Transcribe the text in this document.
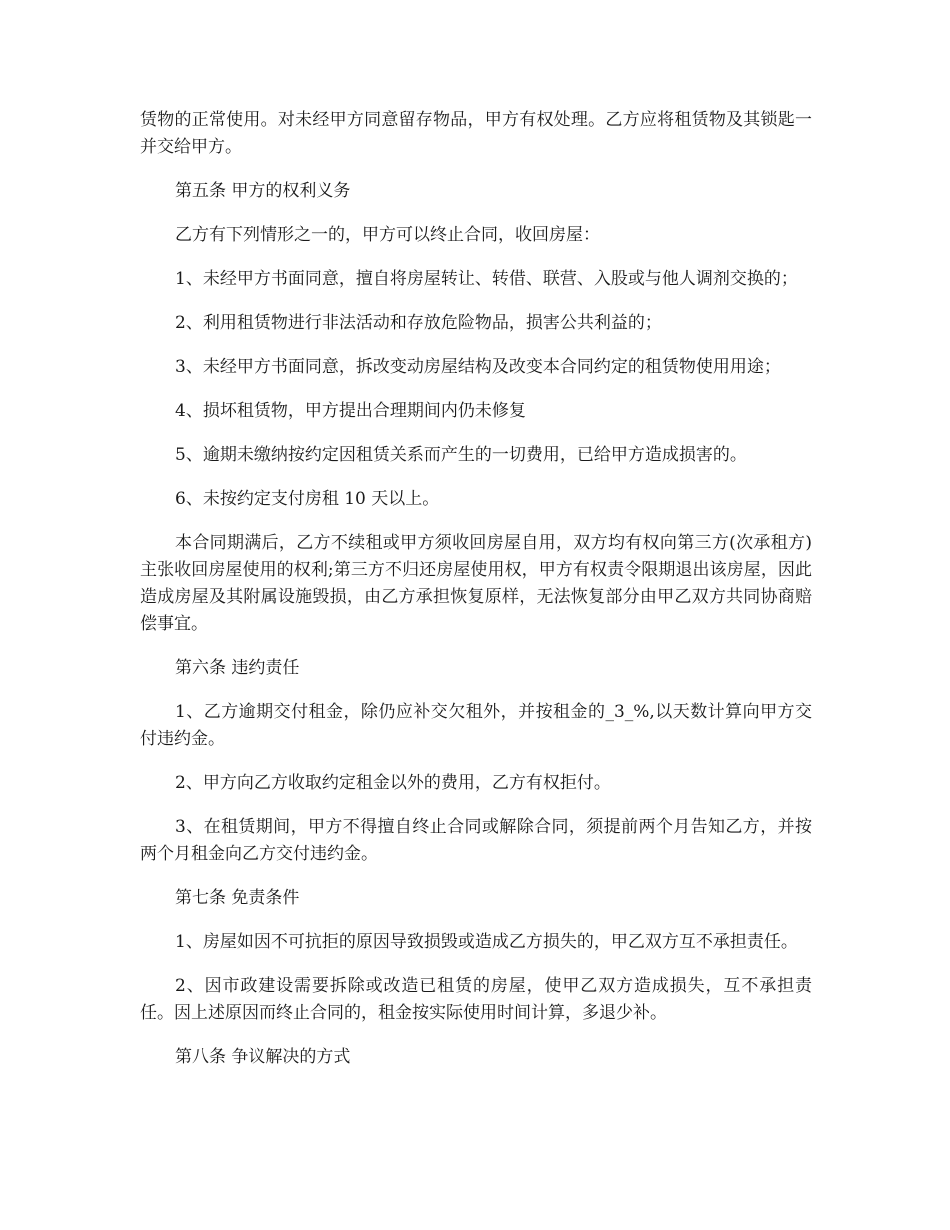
赁物的正常使用。对未经甲方同意留存物品，甲方有权处理。乙方应将租赁物及其锁匙一并交给甲方。

第五条 甲方的权利义务

乙方有下列情形之一的，甲方可以终止合同，收回房屋：

1、未经甲方书面同意，擅自将房屋转让、转借、联营、入股或与他人调剂交换的；

2、利用租赁物进行非法活动和存放危险物品，损害公共利益的；

3、未经甲方书面同意，拆改变动房屋结构及改变本合同约定的租赁物使用用途；

4、损坏租赁物，甲方提出合理期间内仍未修复

5、逾期未缴纳按约定因租赁关系而产生的一切费用，已给甲方造成损害的。

6、未按约定支付房租 10 天以上。

本合同期满后，乙方不续租或甲方须收回房屋自用，双方均有权向第三方(次承租方)主张收回房屋使用的权利;第三方不归还房屋使用权，甲方有权责令限期退出该房屋，因此造成房屋及其附属设施毁损，由乙方承担恢复原样，无法恢复部分由甲乙双方共同协商赔偿事宜。

第六条 违约责任

1、乙方逾期交付租金，除仍应补交欠租外，并按租金的_3_%,以天数计算向甲方交付违约金。

2、甲方向乙方收取约定租金以外的费用，乙方有权拒付。

3、在租赁期间，甲方不得擅自终止合同或解除合同，须提前两个月告知乙方，并按两个月租金向乙方交付违约金。

第七条 免责条件

1、房屋如因不可抗拒的原因导致损毁或造成乙方损失的，甲乙双方互不承担责任。

2、因市政建设需要拆除或改造已租赁的房屋，使甲乙双方造成损失，互不承担责任。因上述原因而终止合同的，租金按实际使用时间计算，多退少补。

第八条 争议解决的方式
